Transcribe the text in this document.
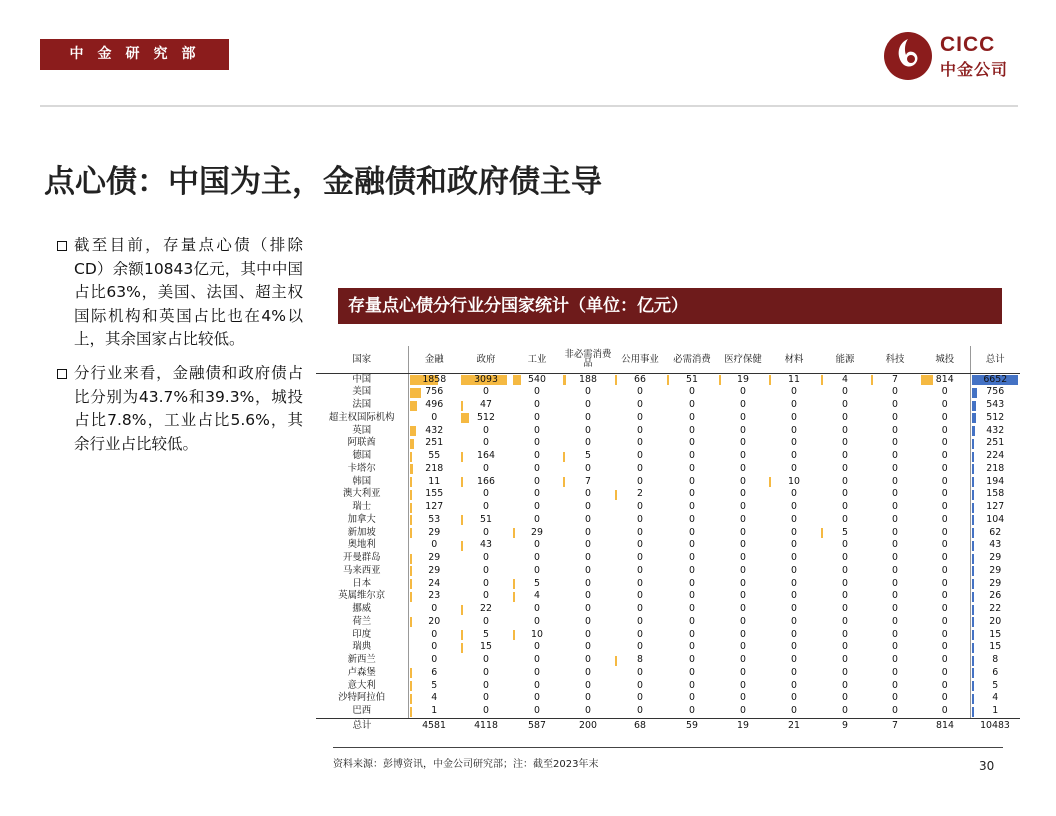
中金研究部	CICC
中金公司
点心债：中国为主，金融债和政府债主导
截至目前，存量点心债（排除CD）余额10843亿元，其中中国占比63%，美国、法国、超主权国际机构和英国占比也在4%以上，其余国家占比较低。
分行业来看，金融债和政府债占比分别为43.7%和39.3%，城投占比7.8%，工业占比5.6%，其余行业占比较低。
存量点心债分行业分国家统计（单位：亿元）
国家	金融	政府	工业	非必需消费品	公用事业	必需消费	医疗保健	材料	能源	科技	城投	总计
中国	1858	3093	540	188	66	51	19	11	4	7	814	6652
美国	756	0	0	0	0	0	0	0	0	0	0	756
法国	496	47	0	0	0	0	0	0	0	0	0	543
超主权国际机构	0	512	0	0	0	0	0	0	0	0	0	512
英国	432	0	0	0	0	0	0	0	0	0	0	432
阿联酋	251	0	0	0	0	0	0	0	0	0	0	251
德国	55	164	0	5	0	0	0	0	0	0	0	224
卡塔尔	218	0	0	0	0	0	0	0	0	0	0	218
韩国	11	166	0	7	0	0	0	10	0	0	0	194
澳大利亚	155	0	0	0	2	0	0	0	0	0	0	158
瑞士	127	0	0	0	0	0	0	0	0	0	0	127
加拿大	53	51	0	0	0	0	0	0	0	0	0	104
新加坡	29	0	29	0	0	0	0	0	5	0	0	62
奥地利	0	43	0	0	0	0	0	0	0	0	0	43
开曼群岛	29	0	0	0	0	0	0	0	0	0	0	29
马来西亚	29	0	0	0	0	0	0	0	0	0	0	29
日本	24	0	5	0	0	0	0	0	0	0	0	29
英属维尔京	23	0	4	0	0	0	0	0	0	0	0	26
挪威	0	22	0	0	0	0	0	0	0	0	0	22
荷兰	20	0	0	0	0	0	0	0	0	0	0	20
印度	0	5	10	0	0	0	0	0	0	0	0	15
瑞典	0	15	0	0	0	0	0	0	0	0	0	15
新西兰	0	0	0	0	8	0	0	0	0	0	0	8
卢森堡	6	0	0	0	0	0	0	0	0	0	0	6
意大利	5	0	0	0	0	0	0	0	0	0	0	5
沙特阿拉伯	4	0	0	0	0	0	0	0	0	0	0	4
巴西	1	0	0	0	0	0	0	0	0	0	0	1
总计	4581	4118	587	200	68	59	19	21	9	7	814	10483
资料来源：彭博资讯，中金公司研究部；注：截至2023年末	30
